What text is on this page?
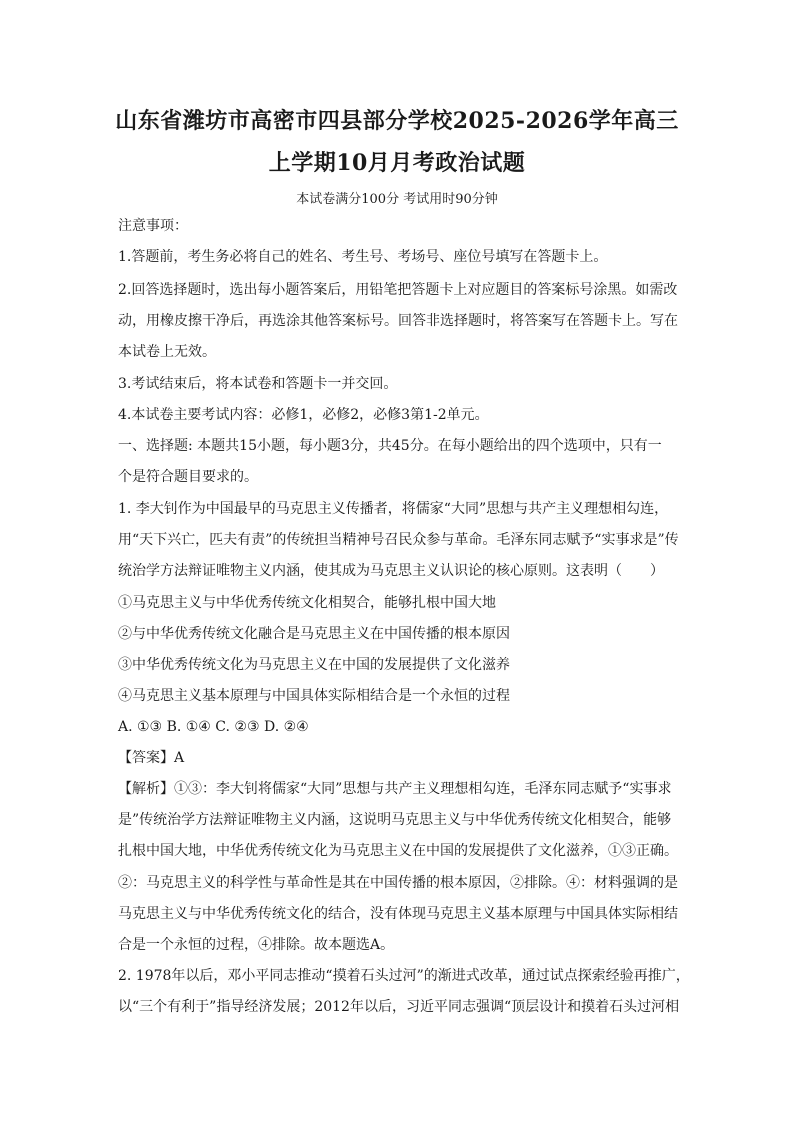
山东省潍坊市高密市四县部分学校2025-2026学年高三
上学期10月月考政治试题
本试卷满分100分 考试用时90分钟
注意事项：
1.答题前，考生务必将自己的姓名、考生号、考场号、座位号填写在答题卡上。
2.回答选择题时，选出每小题答案后，用铅笔把答题卡上对应题目的答案标号涂黑。如需改
动，用橡皮擦干净后，再选涂其他答案标号。回答非选择题时，将答案写在答题卡上。写在
本试卷上无效。
3.考试结束后，将本试卷和答题卡一并交回。
4.本试卷主要考试内容：必修1，必修2，必修3第1-2单元。
一、选择题: 本题共15小题，每小题3分，共45分。在每小题给出的四个选项中，只有一
个是符合题目要求的。
1. 李大钊作为中国最早的马克思主义传播者，将儒家“大同”思想与共产主义理想相勾连，
用“天下兴亡，匹夫有责”的传统担当精神号召民众参与革命。毛泽东同志赋予“实事求是”传
统治学方法辩证唯物主义内涵，使其成为马克思主义认识论的核心原则。这表明（　　）
①马克思主义与中华优秀传统文化相契合，能够扎根中国大地
②与中华优秀传统文化融合是马克思主义在中国传播的根本原因
③中华优秀传统文化为马克思主义在中国的发展提供了文化滋养
④马克思主义基本原理与中国具体实际相结合是一个永恒的过程
A. ①③ B. ①④ C. ②③ D. ②④
【答案】A
【解析】①③：李大钊将儒家“大同”思想与共产主义理想相勾连，毛泽东同志赋予“实事求
是”传统治学方法辩证唯物主义内涵，这说明马克思主义与中华优秀传统文化相契合，能够
扎根中国大地，中华优秀传统文化为马克思主义在中国的发展提供了文化滋养，①③正确。
②：马克思主义的科学性与革命性是其在中国传播的根本原因，②排除。④：材料强调的是
马克思主义与中华优秀传统文化的结合，没有体现马克思主义基本原理与中国具体实际相结
合是一个永恒的过程，④排除。故本题选A。
2. 1978年以后，邓小平同志推动“摸着石头过河”的渐进式改革，通过试点探索经验再推广，
以“三个有利于”指导经济发展；2012年以后，习近平同志强调“顶层设计和摸着石头过河相
